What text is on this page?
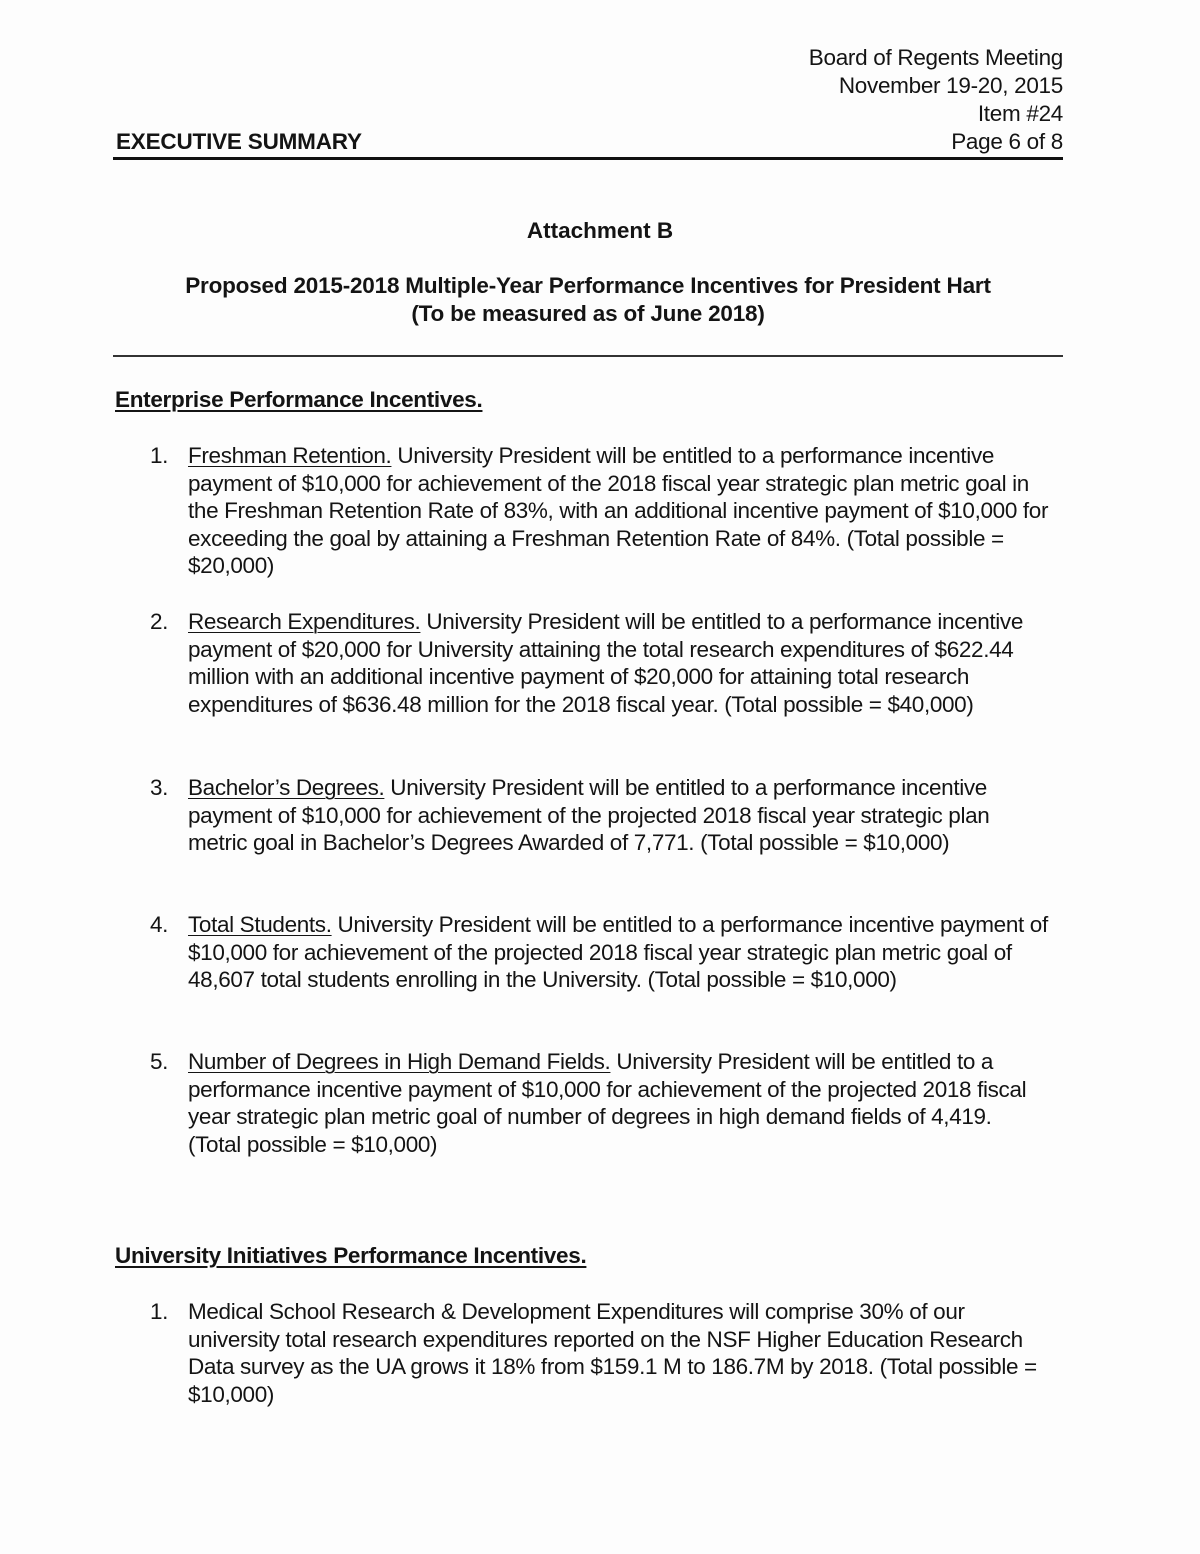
Board of Regents Meeting
November 19-20, 2015
Item #24
Page 6 of 8
EXECUTIVE SUMMARY
Attachment B
Proposed 2015-2018 Multiple-Year Performance Incentives for President Hart
(To be measured as of June 2018)
Enterprise Performance Incentives.
1. Freshman Retention. University President will be entitled to a performance incentive payment of $10,000 for achievement of the 2018 fiscal year strategic plan metric goal in the Freshman Retention Rate of 83%, with an additional incentive payment of $10,000 for exceeding the goal by attaining a Freshman Retention Rate of 84%. (Total possible = $20,000)
2. Research Expenditures. University President will be entitled to a performance incentive payment of $20,000 for University attaining the total research expenditures of $622.44 million with an additional incentive payment of $20,000 for attaining total research expenditures of $636.48 million for the 2018 fiscal year. (Total possible = $40,000)
3. Bachelor’s Degrees. University President will be entitled to a performance incentive payment of $10,000 for achievement of the projected 2018 fiscal year strategic plan metric goal in Bachelor’s Degrees Awarded of 7,771. (Total possible = $10,000)
4. Total Students. University President will be entitled to a performance incentive payment of $10,000 for achievement of the projected 2018 fiscal year strategic plan metric goal of 48,607 total students enrolling in the University. (Total possible = $10,000)
5. Number of Degrees in High Demand Fields. University President will be entitled to a performance incentive payment of $10,000 for achievement of the projected 2018 fiscal year strategic plan metric goal of number of degrees in high demand fields of 4,419. (Total possible = $10,000)
University Initiatives Performance Incentives.
1. Medical School Research & Development Expenditures will comprise 30% of our university total research expenditures reported on the NSF Higher Education Research Data survey as the UA grows it 18% from $159.1 M to 186.7M by 2018. (Total possible = $10,000)
